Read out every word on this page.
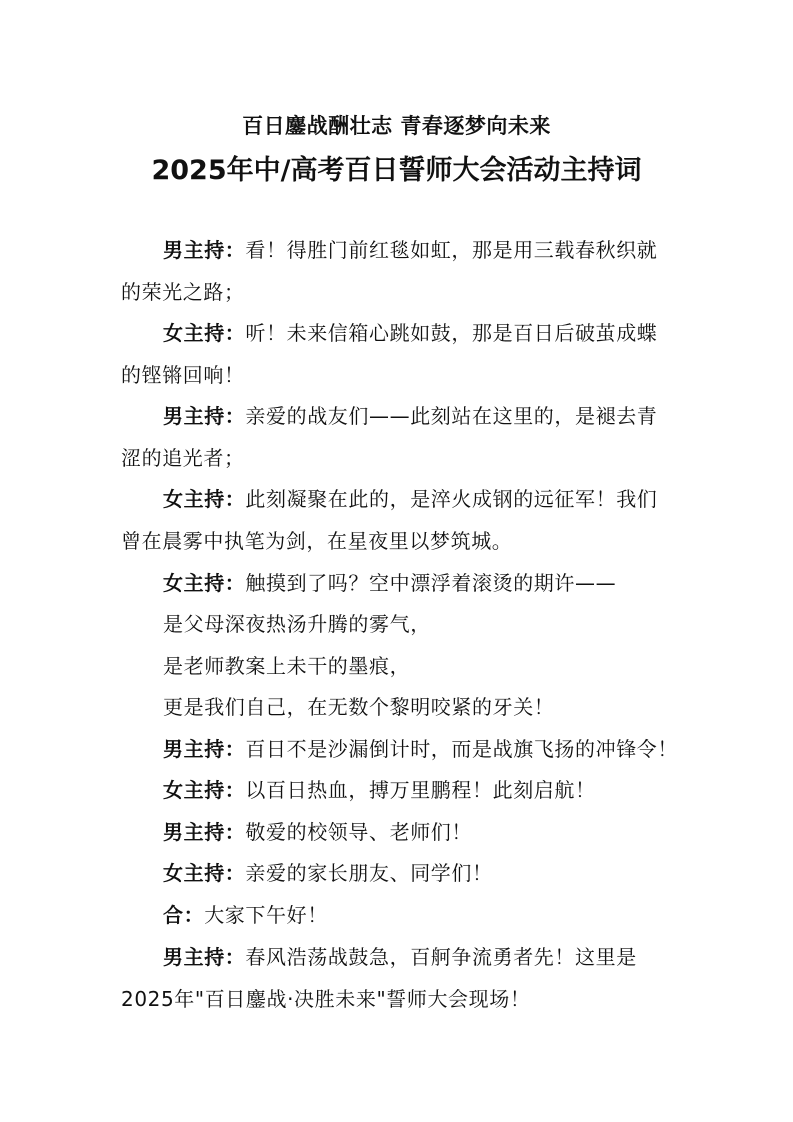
百日鏖战酬壮志 青春逐梦向未来
2025年中/高考百日誓师大会活动主持词
男主持：看！得胜门前红毯如虹，那是用三载春秋织就
的荣光之路；
女主持：听！未来信箱心跳如鼓，那是百日后破茧成蝶
的铿锵回响！
男主持：亲爱的战友们——此刻站在这里的，是褪去青
涩的追光者；
女主持：此刻凝聚在此的，是淬火成钢的远征军！我们
曾在晨雾中执笔为剑，在星夜里以梦筑城。
女主持：触摸到了吗？空中漂浮着滚烫的期许——
是父母深夜热汤升腾的雾气，
是老师教案上未干的墨痕，
更是我们自己，在无数个黎明咬紧的牙关！
男主持：百日不是沙漏倒计时，而是战旗飞扬的冲锋令！
女主持：以百日热血，搏万里鹏程！此刻启航！
男主持：敬爱的校领导、老师们！
女主持：亲爱的家长朋友、同学们！
合：大家下午好！
男主持：春风浩荡战鼓急，百舸争流勇者先！这里是
2025年"百日鏖战·决胜未来"誓师大会现场！
